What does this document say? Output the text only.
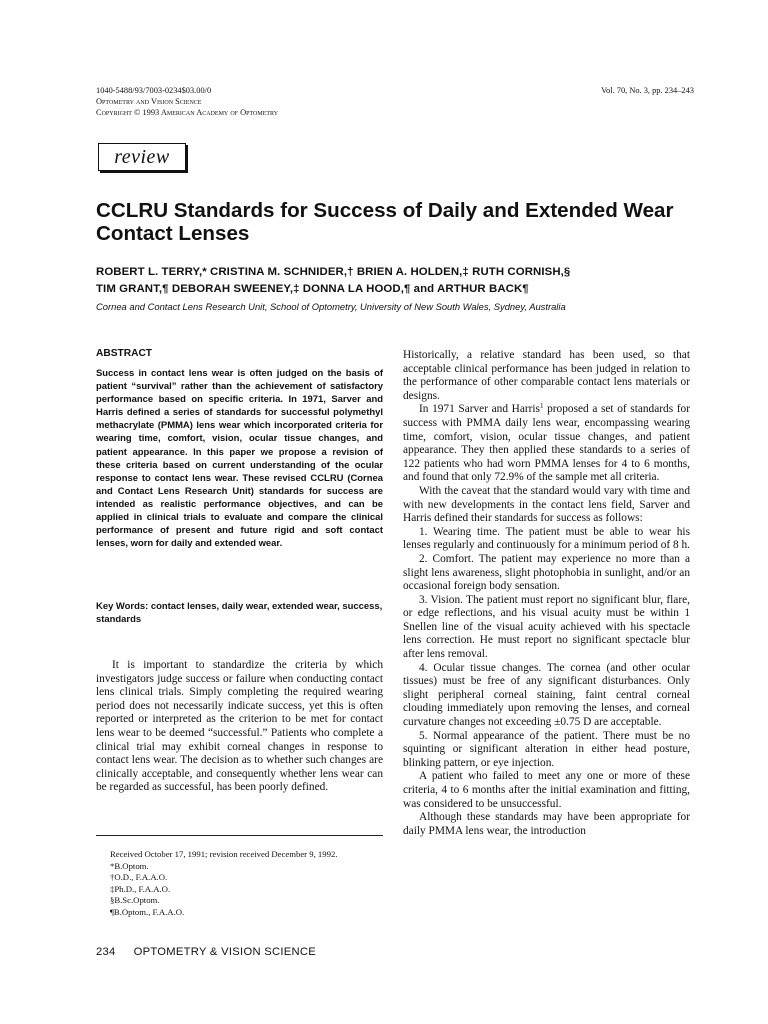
1040-5488/93/7003-0234$03.00/0
Optometry and Vision Science
Copyright © 1993 American Academy of Optometry
Vol. 70, No. 3, pp. 234–243
review
CCLRU Standards for Success of Daily and Extended Wear Contact Lenses
ROBERT L. TERRY,* CRISTINA M. SCHNIDER,† BRIEN A. HOLDEN,‡ RUTH CORNISH,§
TIM GRANT,¶ DEBORAH SWEENEY,‡ DONNA LA HOOD,¶ and ARTHUR BACK¶
Cornea and Contact Lens Research Unit, School of Optometry, University of New South Wales, Sydney, Australia
ABSTRACT

Success in contact lens wear is often judged on the basis of patient “survival” rather than the achievement of satisfactory performance based on specific criteria. In 1971, Sarver and Harris defined a series of standards for successful polymethyl methacrylate (PMMA) lens wear which incorporated criteria for wearing time, comfort, vision, ocular tissue changes, and patient appearance. In this paper we propose a revision of these criteria based on current understanding of the ocular response to contact lens wear. These revised CCLRU (Cornea and Contact Lens Research Unit) standards for success are intended as realistic performance objectives, and can be applied in clinical trials to evaluate and compare the clinical performance of present and future rigid and soft contact lenses, worn for daily and extended wear.

Key Words: contact lenses, daily wear, extended wear, success, standards

It is important to standardize the criteria by which investigators judge success or failure when conducting contact lens clinical trials. Simply completing the required wearing period does not necessarily indicate success, yet this is often reported or interpreted as the criterion to be met for contact lens wear to be deemed “successful.” Patients who complete a clinical trial may exhibit corneal changes in response to contact lens wear. The decision as to whether such changes are clinically acceptable, and consequently whether lens wear can be regarded as successful, has been poorly defined.

Received October 17, 1991; revision received December 9, 1992.

*B.Optom.

†O.D., F.A.A.O.

‡Ph.D., F.A.A.O.

§B.Sc.Optom.

¶B.Optom., F.A.A.O.

234 OPTOMETRY & VISION SCIENCE

Historically, a relative standard has been used, so that acceptable clinical performance has been judged in relation to the performance of other comparable contact lens materials or designs.

In 1971 Sarver and Harris$^1$ proposed a set of standards for success with PMMA daily lens wear, encompassing wearing time, comfort, vision, ocular tissue changes, and patient appearance. They then applied these standards to a series of 122 patients who had worn PMMA lenses for 4 to 6 months, and found that only 72.9% of the sample met all criteria.

With the caveat that the standard would vary with time and with new developments in the contact lens field, Sarver and Harris defined their standards for success as follows:

1. Wearing time. The patient must be able to wear his lenses regularly and continuously for a minimum period of 8 h.

2. Comfort. The patient may experience no more than a slight lens awareness, slight photophobia in sunlight, and/or an occasional foreign body sensation.

3. Vision. The patient must report no significant blur, flare, or edge reflections, and his visual acuity must be within 1 Snellen line of the visual acuity achieved with his spectacle lens correction. He must report no significant spectacle blur after lens removal.

4. Ocular tissue changes. The cornea (and other ocular tissues) must be free of any significant disturbances. Only slight peripheral corneal staining, faint central corneal clouding immediately upon removing the lenses, and corneal curvature changes not exceeding ±0.75 D are acceptable.

5. Normal appearance of the patient. There must be no squinting or significant alteration in either head posture, blinking pattern, or eye injection.

A patient who failed to meet any one or more of these criteria, 4 to 6 months after the initial examination and fitting, was considered to be unsuccessful.

Although these standards may have been appropriate for daily PMMA lens wear, the introduction
